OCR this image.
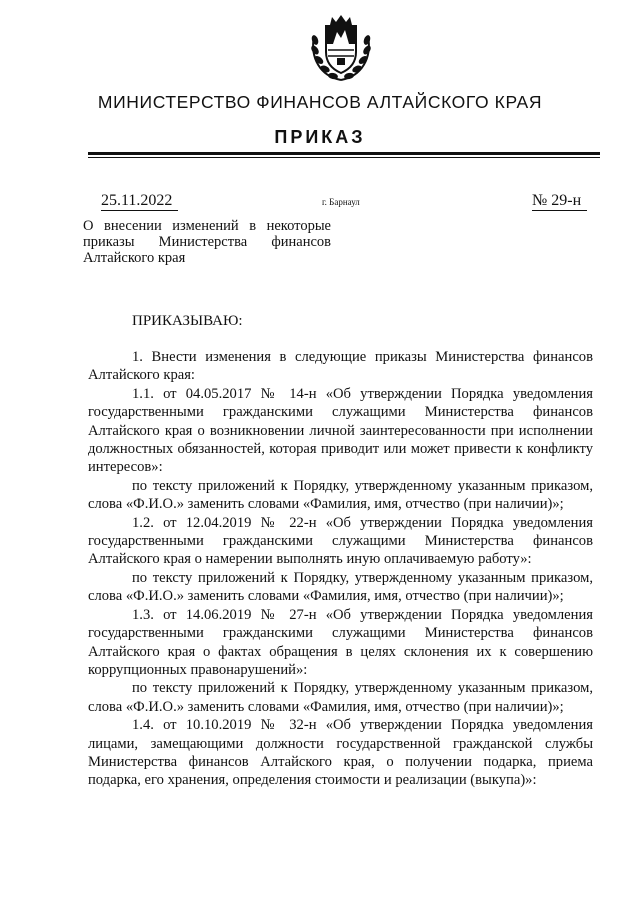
МИНИСТЕРСТВО ФИНАНСОВ АЛТАЙСКОГО КРАЯ
ПРИКАЗ
25.11.2022	г. Барнаул	№ 29-н
О внесении изменений в некоторые
приказы Министерства финансов
Алтайского края
ПРИКАЗЫВАЮ:

1. Внести изменения в следующие приказы Министерства финансов Алтайского края:

1.1. от 04.05.2017 № 14-н «Об утверждении Порядка уведомления государственными гражданскими служащими Министерства финансов Алтайского края о возникновении личной заинтересованности при исполнении должностных обязанностей, которая приводит или может привести к конфликту интересов»:

по тексту приложений к Порядку, утвержденному указанным приказом, слова «Ф.И.О.» заменить словами «Фамилия, имя, отчество (при наличии)»;

1.2. от 12.04.2019 № 22-н «Об утверждении Порядка уведомления государственными гражданскими служащими Министерства финансов Алтайского края о намерении выполнять иную оплачиваемую работу»:

по тексту приложений к Порядку, утвержденному указанным приказом, слова «Ф.И.О.» заменить словами «Фамилия, имя, отчество (при наличии)»;

1.3. от 14.06.2019 № 27-н «Об утверждении Порядка уведомления государственными гражданскими служащими Министерства финансов Алтайского края о фактах обращения в целях склонения их к совершению коррупционных правонарушений»:

по тексту приложений к Порядку, утвержденному указанным приказом, слова «Ф.И.О.» заменить словами «Фамилия, имя, отчество (при наличии)»;

1.4. от 10.10.2019 № 32-н «Об утверждении Порядка уведомления лицами, замещающими должности государственной гражданской службы Министерства финансов Алтайского края, о получении подарка, приема подарка, его хранения, определения стоимости и реализации (выкупа)»:
